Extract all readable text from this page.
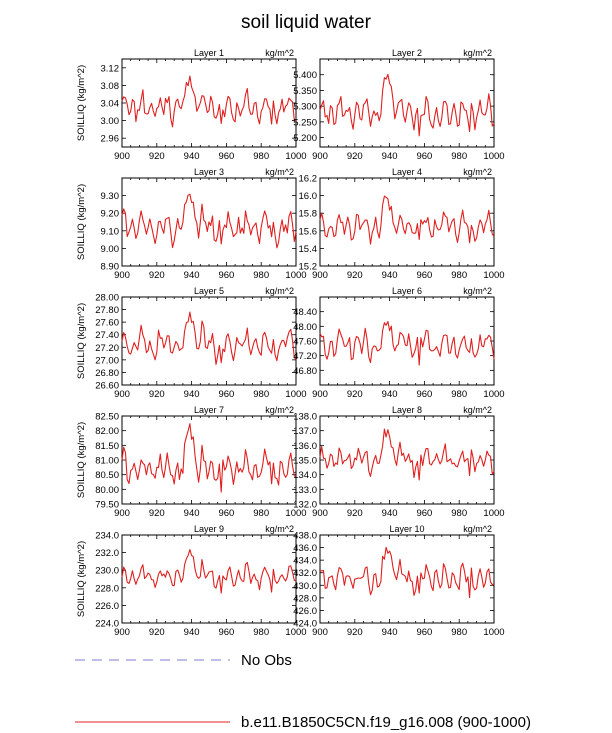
soil liquid water
900 920 940 960 980 1000
2.96
3.00
3.04
3.08
3.12
Layer 1	kg/m^2
SOILLIQ (kg/m^2)
900 920 940 960 980 1000
5.200
5.250
5.300
5.350
5.400
Layer 2	kg/m^2
900 920 940 960 980 1000
8.90
9.00
9.10
9.20
9.30
Layer 3	kg/m^2
SOILLIQ (kg/m^2)
900 920 940 960 980 1000
15.2
15.4
15.6
15.8
16.0
16.2
Layer 4	kg/m^2
900 920 940 960 980 1000
26.60
26.80
27.00
27.20
27.40
27.60
27.80
28.00
Layer 5	kg/m^2
SOILLIQ (kg/m^2)
900 920 940 960 980 1000
46.80
47.20
47.60
48.00
48.40
Layer 6	kg/m^2
900 920 940 960 980 1000
79.50
80.00
80.50
81.00
81.50
82.00
82.50
Layer 7	kg/m^2
SOILLIQ (kg/m^2)
900 920 940 960 980 1000
132.0
133.0
134.0
135.0
136.0
137.0
138.0
Layer 8	kg/m^2
900 920 940 960 980 1000
224.0
226.0
228.0
230.0
232.0
234.0
Layer 9	kg/m^2
SOILLIQ (kg/m^2)
900 920 940 960 980 1000
424.0
426.0
428.0
430.0
432.0
434.0
436.0
438.0
Layer 10	kg/m^2
No Obs
b.e11.B1850C5CN.f19_g16.008 (900-1000)
